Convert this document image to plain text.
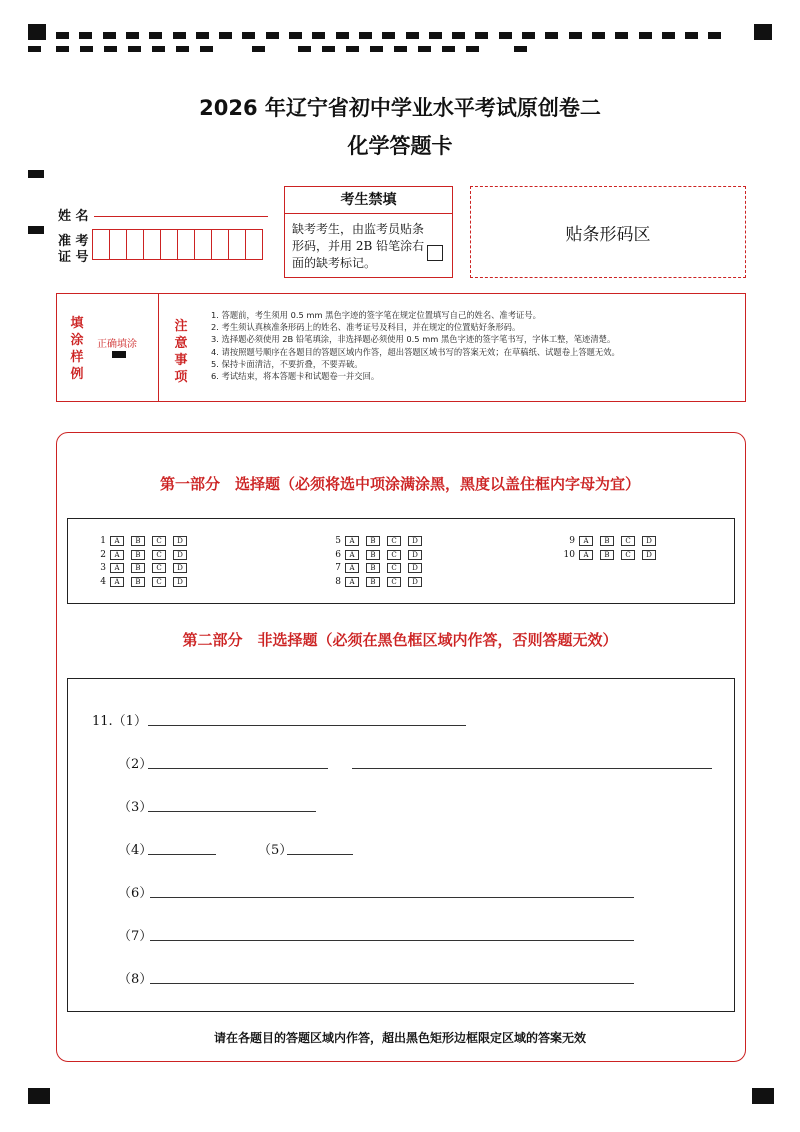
2026 年辽宁省初中学业水平考试原创卷二
化学答题卡
姓 名
准 考
证 号
考生禁填
缺考考生，由监考员贴条形码，并用 2B 铅笔涂右面的缺考标记。
贴条形码区
填
涂
样
例
正确填涂
注
意
事
项
1. 答题前，考生须用 0.5 mm 黑色字迹的签字笔在规定位置填写自己的姓名、准考证号。
2. 考生须认真核准条形码上的姓名、准考证号及科目，并在规定的位置贴好条形码。
3. 选择题必须使用 2B 铅笔填涂，非选择题必须使用 0.5 mm 黑色字迹的签字笔书写，字体工整，笔迹清楚。
4. 请按照题号顺序在各题目的答题区域内作答，超出答题区域书写的答案无效；在草稿纸、试题卷上答题无效。
5. 保持卡面清洁，不要折叠，不要弄破。
6. 考试结束，将本答题卡和试题卷一并交回。
第一部分　选择题（必须将选中项涂满涂黑，黑度以盖住框内字母为宜）
1	A	B	C	D
2	A	B	C	D
3	A	B	C	D
4	A	B	C	D
5	A	B	C	D
6	A	B	C	D
7	A	B	C	D
8	A	B	C	D
9	A	B	C	D
10	A	B	C	D
第二部分　非选择题（必须在黑色框区域内作答，否则答题无效）
11.（1）
（2）
（3）
（4）	（5）
（6）
（7）
（8）
请在各题目的答题区域内作答，超出黑色矩形边框限定区域的答案无效
